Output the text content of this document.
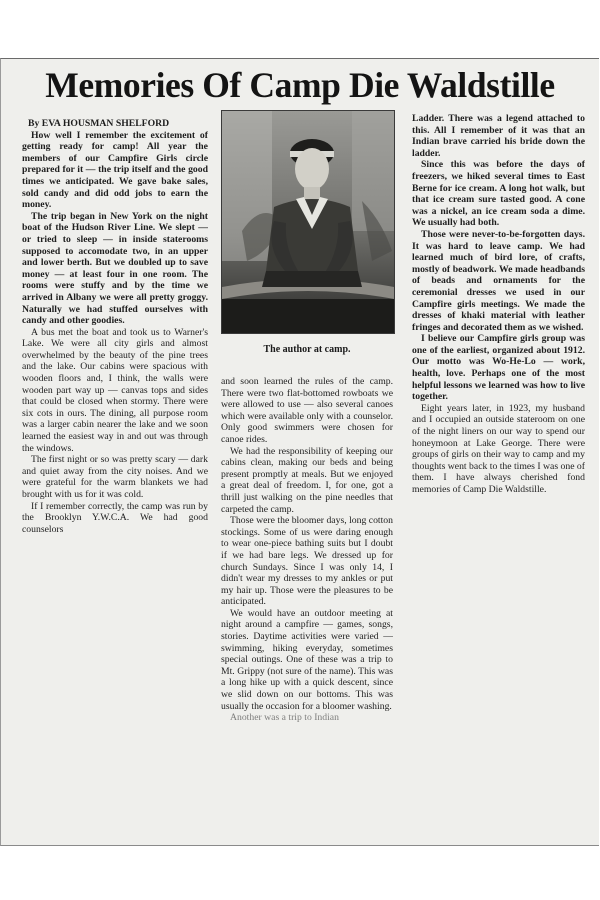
Memories Of Camp Die Waldstille

By EVA HOUSMAN SHELFORD

How well I remember the excitement of getting ready for camp! All year the members of our Campfire Girls circle prepared for it — the trip itself and the good times we anticipated. We gave bake sales, sold candy and did odd jobs to earn the money.

The trip began in New York on the night boat of the Hudson River Line. We slept — or tried to sleep — in inside staterooms supposed to accomodate two, in an upper and lower berth. But we doubled up to save money — at least four in one room. The rooms were stuffy and by the time we arrived in Albany we were all pretty groggy. Naturally we had stuffed ourselves with candy and other goodies.

A bus met the boat and took us to Warner's Lake. We were all city girls and almost overwhelmed by the beauty of the pine trees and the lake. Our cabins were spacious with wooden floors and, I think, the walls were wooden part way up — canvas tops and sides that could be closed when stormy. There were six cots in ours. The dining, all purpose room was a larger cabin nearer the lake and we soon learned the easiest way in and out was through the windows.

The first night or so was pretty scary — dark and quiet away from the city noises. And we were grateful for the warm blankets we had brought with us for it was cold.

If I remember correctly, the camp was run by the Brooklyn Y.W.C.A. We had good counselors

The author at camp.

and soon learned the rules of the camp. There were two flat-bottomed rowboats we were allowed to use — also several canoes which were available only with a counselor. Only good swimmers were chosen for canoe rides.

We had the responsibility of keeping our cabins clean, making our beds and being present promptly at meals. But we enjoyed a great deal of freedom. I, for one, got a thrill just walking on the pine needles that carpeted the camp.

Those were the bloomer days, long cotton stockings. Some of us were daring enough to wear one-piece bathing suits but I doubt if we had bare legs. We dressed up for church Sundays. Since I was only 14, I didn't wear my dresses to my ankles or put my hair up. Those were the pleasures to be anticipated.

We would have an outdoor meeting at night around a campfire — games, songs, stories. Daytime activities were varied — swimming, hiking everyday, sometimes special outings. One of these was a trip to Mt. Grippy (not sure of the name). This was a long hike up with a quick descent, since we slid down on our bottoms. This was usually the occasion for a bloomer washing.

Another was a trip to Indian

Ladder. There was a legend attached to this. All I remember of it was that an Indian brave carried his bride down the ladder.

Since this was before the days of freezers, we hiked several times to East Berne for ice cream. A long hot walk, but that ice cream sure tasted good. A cone was a nickel, an ice cream soda a dime. We usually had both.

Those were never-to-be-forgotten days. It was hard to leave camp. We had learned much of bird lore, of crafts, mostly of beadwork. We made headbands of beads and ornaments for the ceremonial dresses we used in our Campfire girls meetings. We made the dresses of khaki material with leather fringes and decorated them as we wished.

I believe our Campfire girls group was one of the earliest, organized about 1912. Our motto was Wo-He-Lo — work, health, love. Perhaps one of the most helpful lessons we learned was how to live together.

Eight years later, in 1923, my husband and I occupied an outside stateroom on one of the night liners on our way to spend our honeymoon at Lake George. There were groups of girls on their way to camp and my thoughts went back to the times I was one of them. I have always cherished fond memories of Camp Die Waldstille.
